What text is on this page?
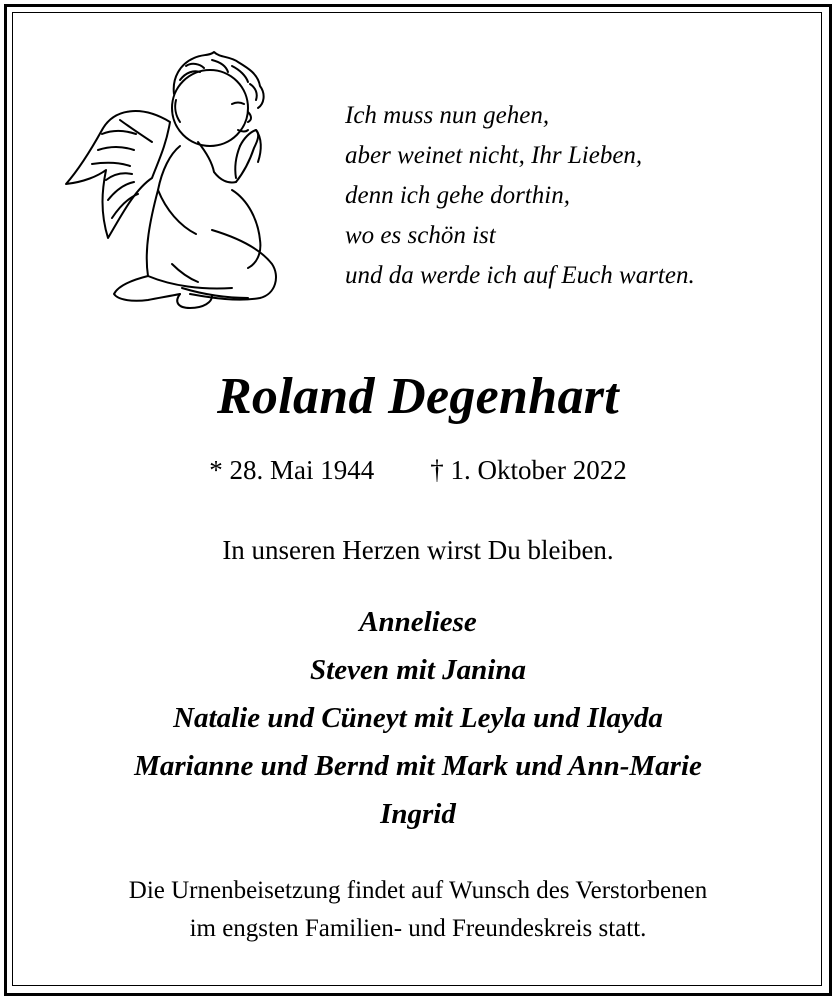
Ich muss nun gehen,
aber weinet nicht, Ihr Lieben,
denn ich gehe dorthin,
wo es schön ist
und da werde ich auf Euch warten.
Roland Degenhart
* 28. Mai 1944 † 1. Oktober 2022
In unseren Herzen wirst Du bleiben.
Anneliese
Steven mit Janina
Natalie und Cüneyt mit Leyla und Ilayda
Marianne und Bernd mit Mark und Ann-Marie
Ingrid
Die Urnenbeisetzung findet auf Wunsch des Verstorbenen
im engsten Familien- und Freundeskreis statt.
